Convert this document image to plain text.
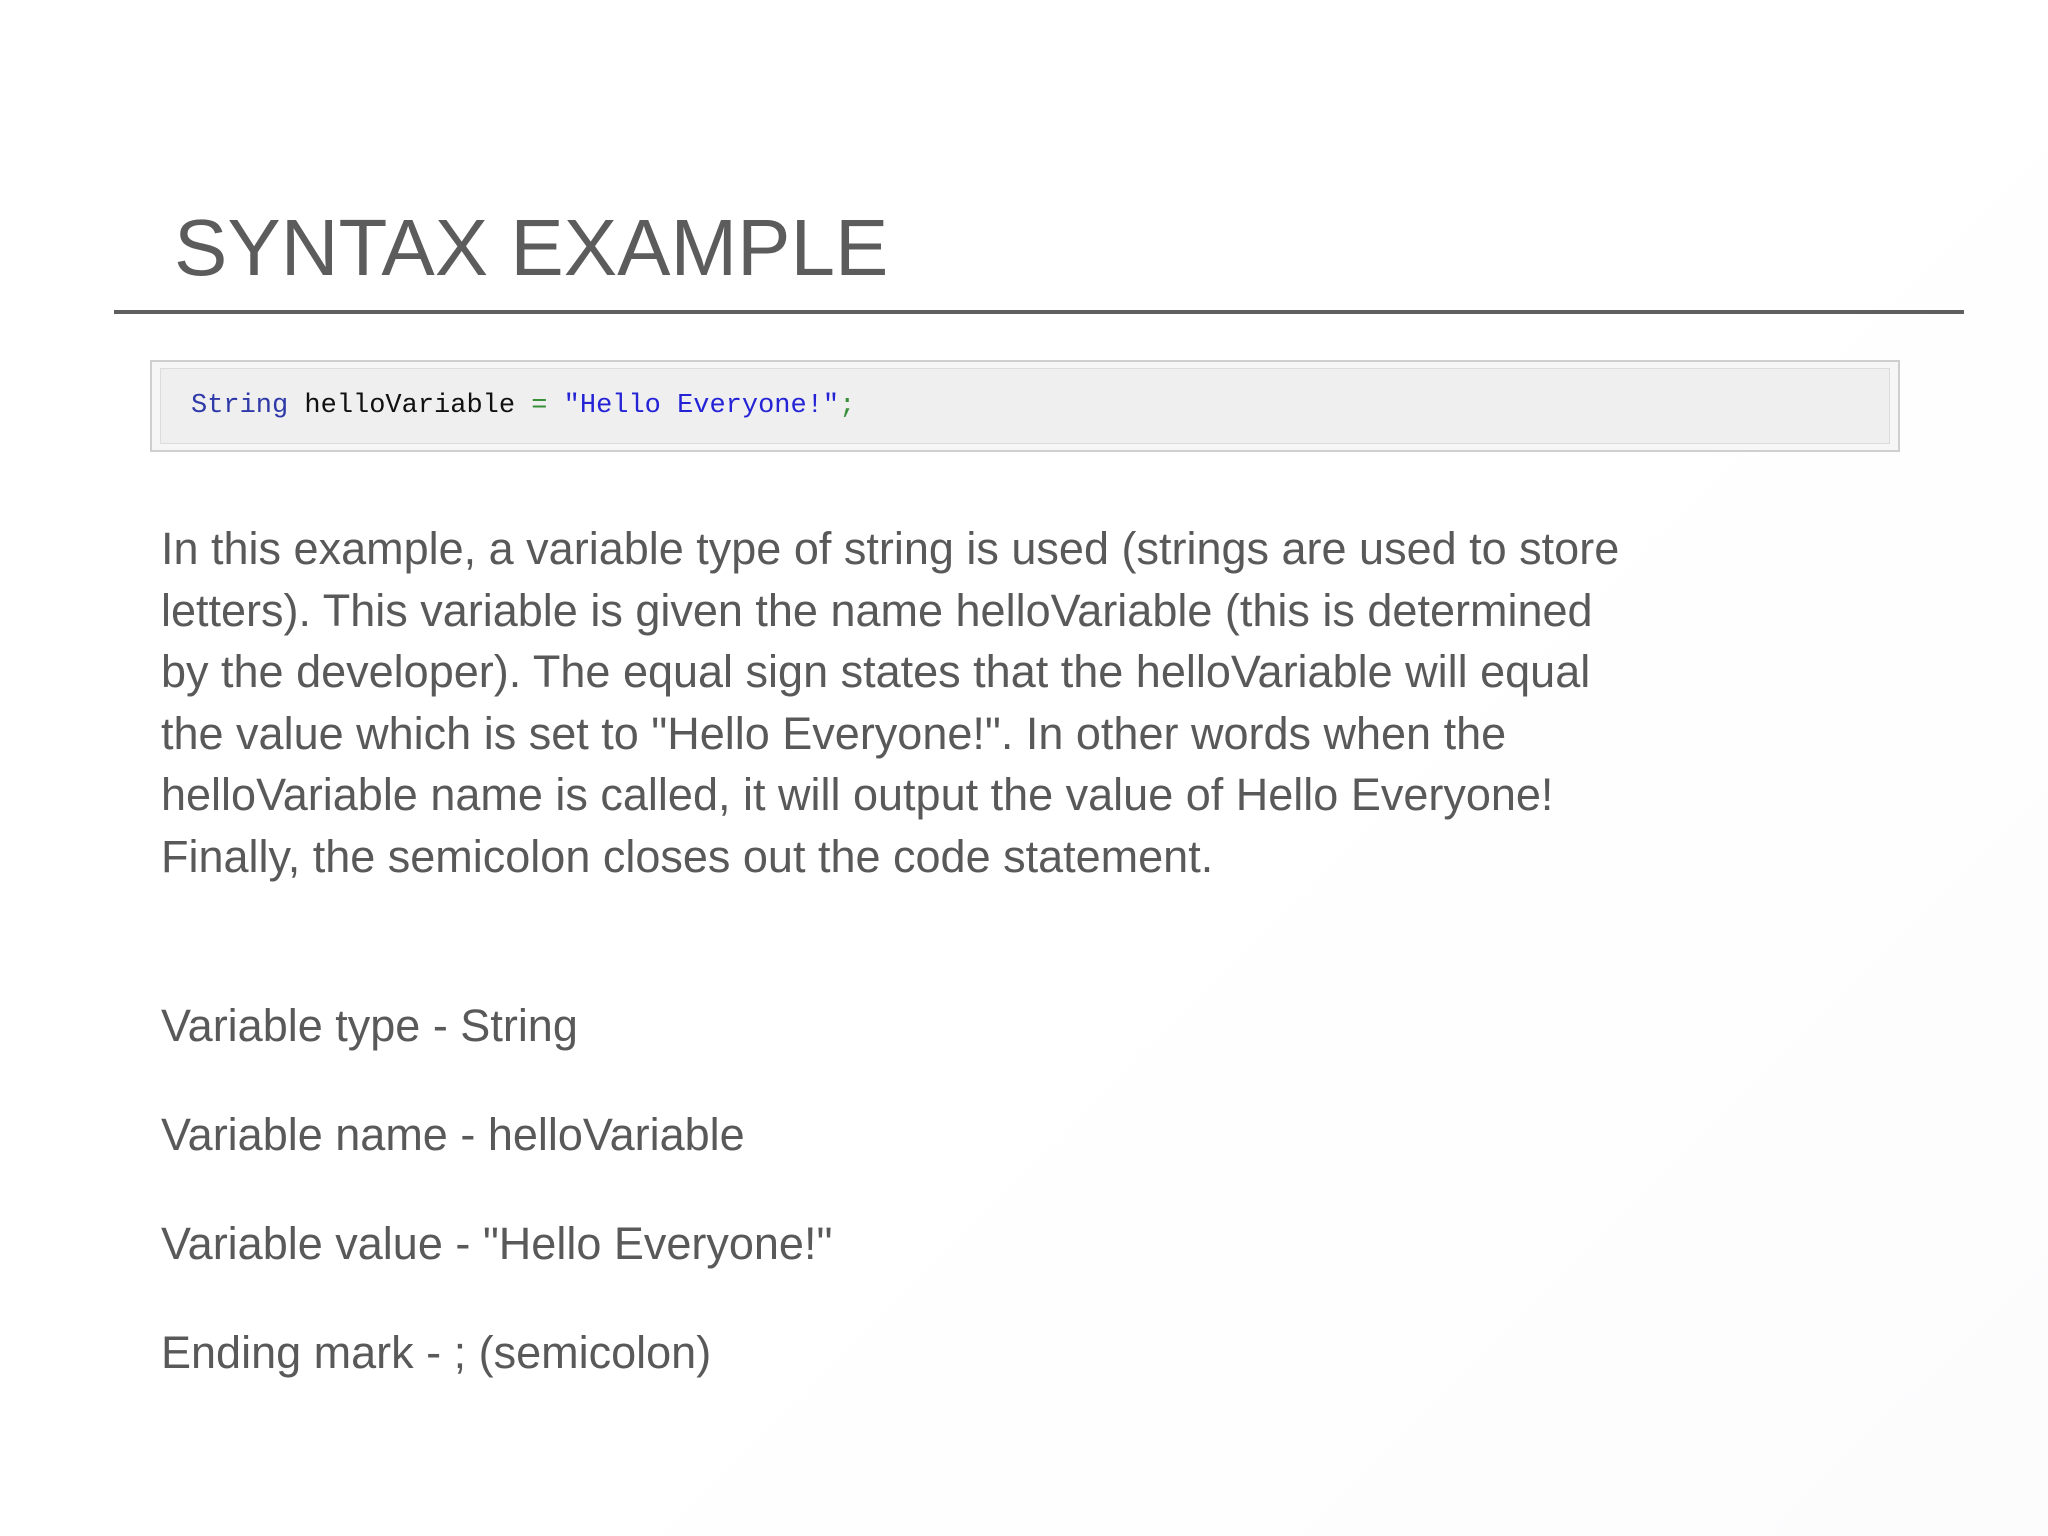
SYNTAX EXAMPLE
String helloVariable = "Hello Everyone!";

In this example, a variable type of string is used (strings are used to store letters). This variable is given the name helloVariable (this is determined by the developer). The equal sign states that the helloVariable will equal the value which is set to "Hello Everyone!". In other words when the helloVariable name is called, it will output the value of Hello Everyone! Finally, the semicolon closes out the code statement.

Variable type - String
Variable name - helloVariable
Variable value - "Hello Everyone!"
Ending mark - ; (semicolon)
